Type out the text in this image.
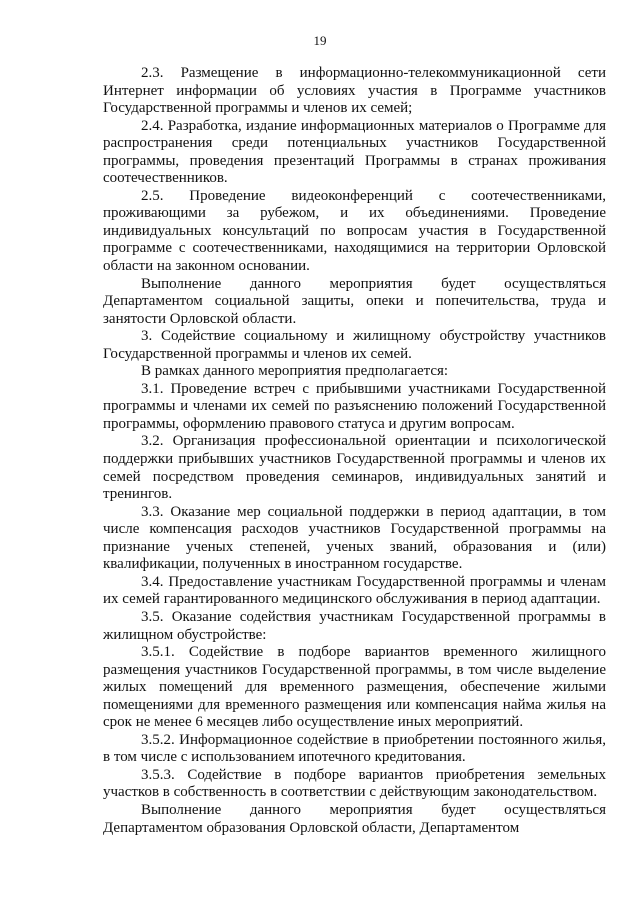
19

2.3. Размещение в информационно-телекоммуникационной сети Интернет информации об условиях участия в Программе участников Государственной программы и членов их семей;

2.4. Разработка, издание информационных материалов о Программе для распространения среди потенциальных участников Государственной программы, проведения презентаций Программы в странах проживания соотечественников.

2.5. Проведение видеоконференций с соотечественниками, проживающими за рубежом, и их объединениями. Проведение индивидуальных консультаций по вопросам участия в Государственной программе с соотечественниками, находящимися на территории Орловской области на законном основании.

Выполнение данного мероприятия будет осуществляться Департаментом социальной защиты, опеки и попечительства, труда и занятости Орловской области.

3. Содействие социальному и жилищному обустройству участников Государственной программы и членов их семей.

В рамках данного мероприятия предполагается:

3.1. Проведение встреч с прибывшими участниками Государственной программы и членами их семей по разъяснению положений Государственной программы, оформлению правового статуса и другим вопросам.

3.2. Организация профессиональной ориентации и психологической поддержки прибывших участников Государственной программы и членов их семей посредством проведения семинаров, индивидуальных занятий и тренингов.

3.3. Оказание мер социальной поддержки в период адаптации, в том числе компенсация расходов участников Государственной программы на признание ученых степеней, ученых званий, образования и (или) квалификации, полученных в иностранном государстве.

3.4. Предоставление участникам Государственной программы и членам их семей гарантированного медицинского обслуживания в период адаптации.

3.5. Оказание содействия участникам Государственной программы в жилищном обустройстве:

3.5.1. Содействие в подборе вариантов временного жилищного размещения участников Государственной программы, в том числе выделение жилых помещений для временного размещения, обеспечение жилыми помещениями для временного размещения или компенсация найма жилья на срок не менее 6 месяцев либо осуществление иных мероприятий.

3.5.2. Информационное содействие в приобретении постоянного жилья, в том числе с использованием ипотечного кредитования.

3.5.3. Содействие в подборе вариантов приобретения земельных участков в собственность в соответствии с действующим законодательством.

Выполнение данного мероприятия будет осуществляться Департаментом образования Орловской области, Департаментом
